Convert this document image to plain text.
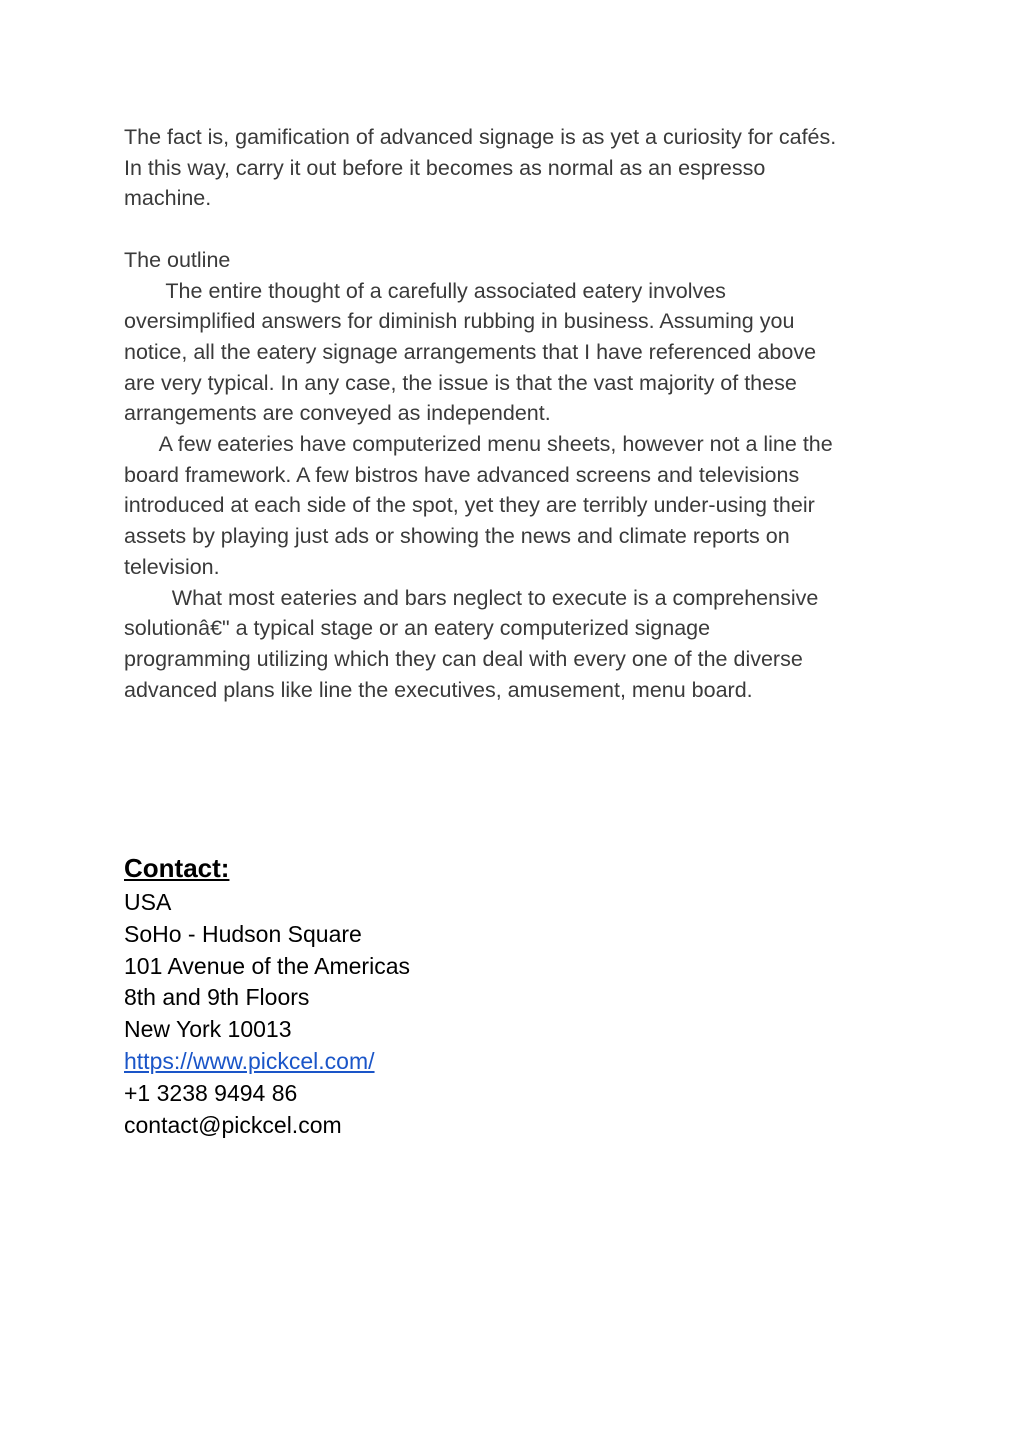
The fact is, gamification of advanced signage is as yet a curiosity for cafés.
In this way, carry it out before it becomes as normal as an espresso
machine.
The outline
The entire thought of a carefully associated eatery involves
oversimplified answers for diminish rubbing in business. Assuming you
notice, all the eatery signage arrangements that I have referenced above
are very typical. In any case, the issue is that the vast majority of these
arrangements are conveyed as independent.
A few eateries have computerized menu sheets, however not a line the
board framework. A few bistros have advanced screens and televisions
introduced at each side of the spot, yet they are terribly under-using their
assets by playing just ads or showing the news and climate reports on
television.
What most eateries and bars neglect to execute is a comprehensive
solutionâ€" a typical stage or an eatery computerized signage
programming utilizing which they can deal with every one of the diverse
advanced plans like line the executives, amusement, menu board.
Contact:
USA
SoHo - Hudson Square
101 Avenue of the Americas
8th and 9th Floors
New York 10013
https://www.pickcel.com/
+1 3238 9494 86
contact@pickcel.com
